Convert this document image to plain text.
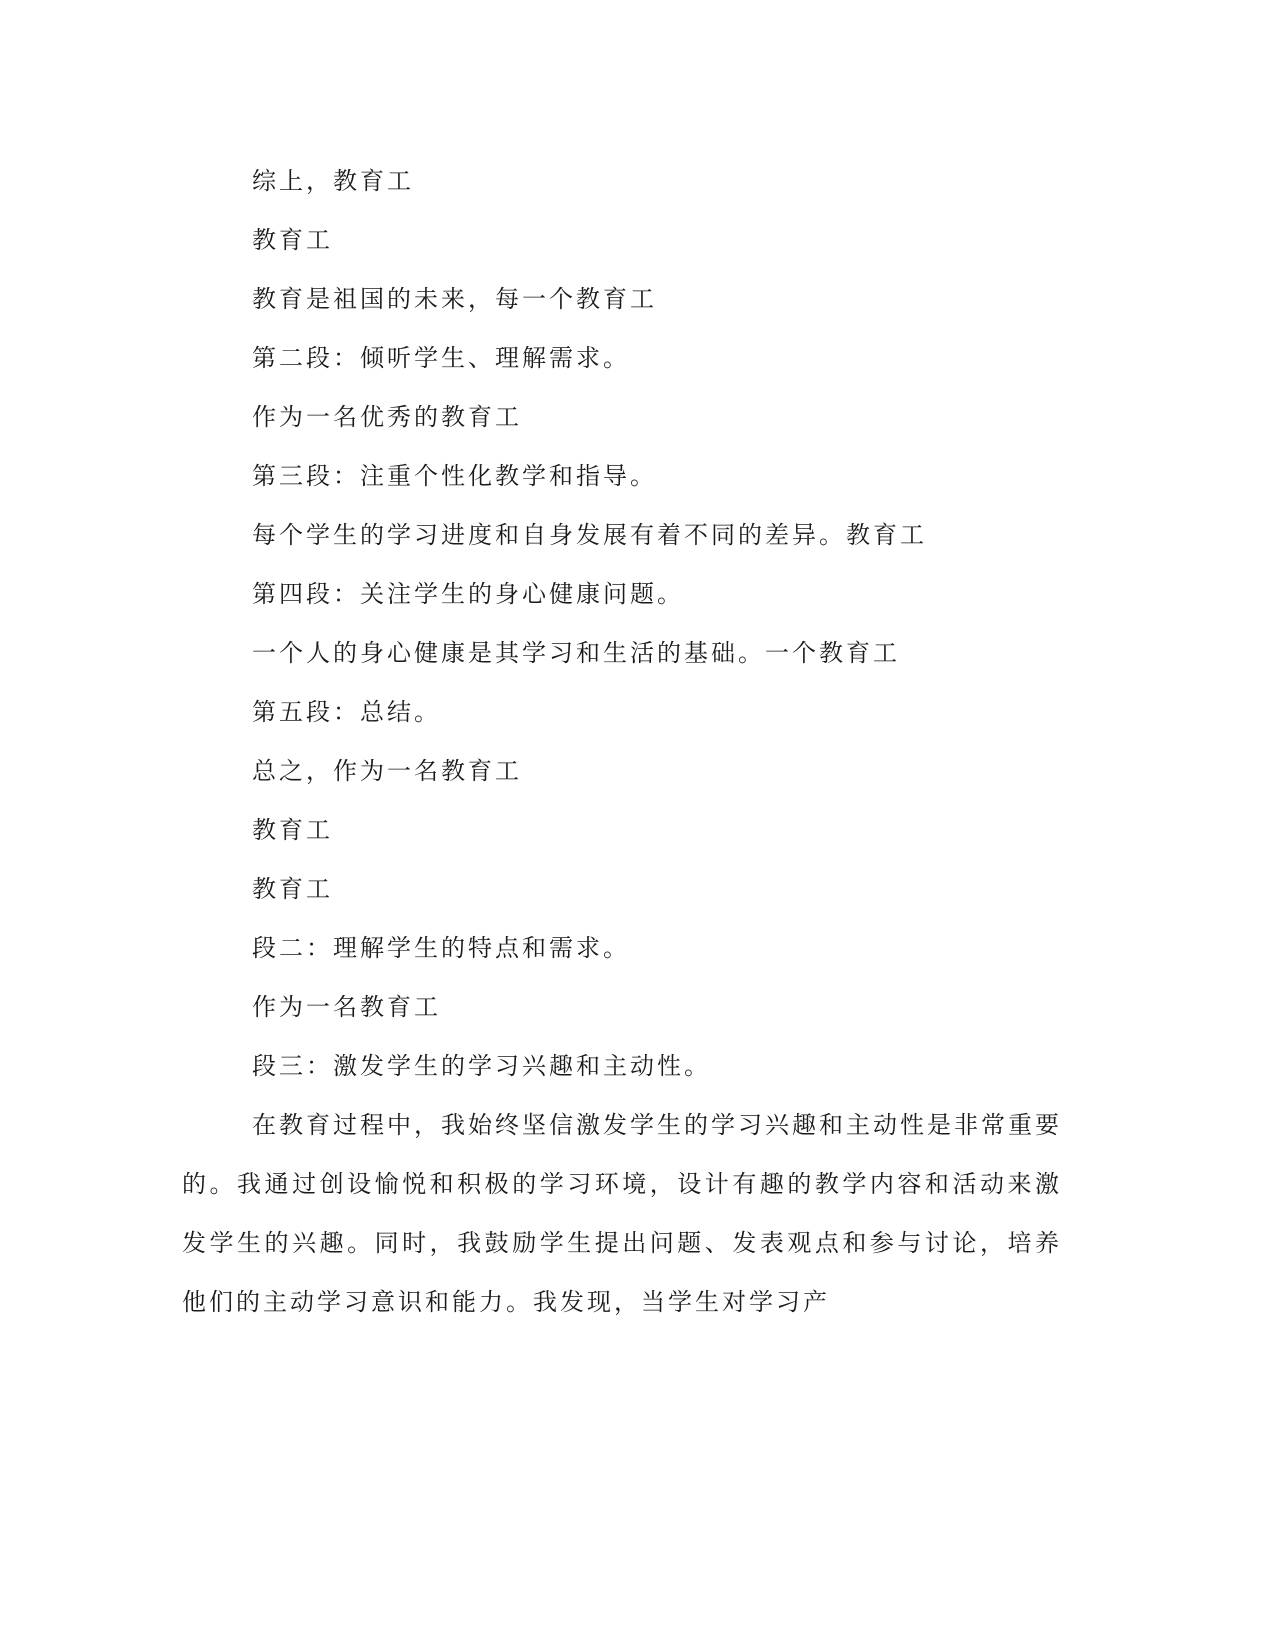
综上，教育工
教育工
教育是祖国的未来，每一个教育工
第二段：倾听学生、理解需求。
作为一名优秀的教育工
第三段：注重个性化教学和指导。
每个学生的学习进度和自身发展有着不同的差异。教育工
第四段：关注学生的身心健康问题。
一个人的身心健康是其学习和生活的基础。一个教育工
第五段：总结。
总之，作为一名教育工
教育工
教育工
段二：理解学生的特点和需求。
作为一名教育工
段三：激发学生的学习兴趣和主动性。

在教育过程中，我始终坚信激发学生的学习兴趣和主动性是非常重要的。我通过创设愉悦和积极的学习环境，设计有趣的教学内容和活动来激发学生的兴趣。同时，我鼓励学生提出问题、发表观点和参与讨论，培养他们的主动学习意识和能力。我发现，当学生对学习产
